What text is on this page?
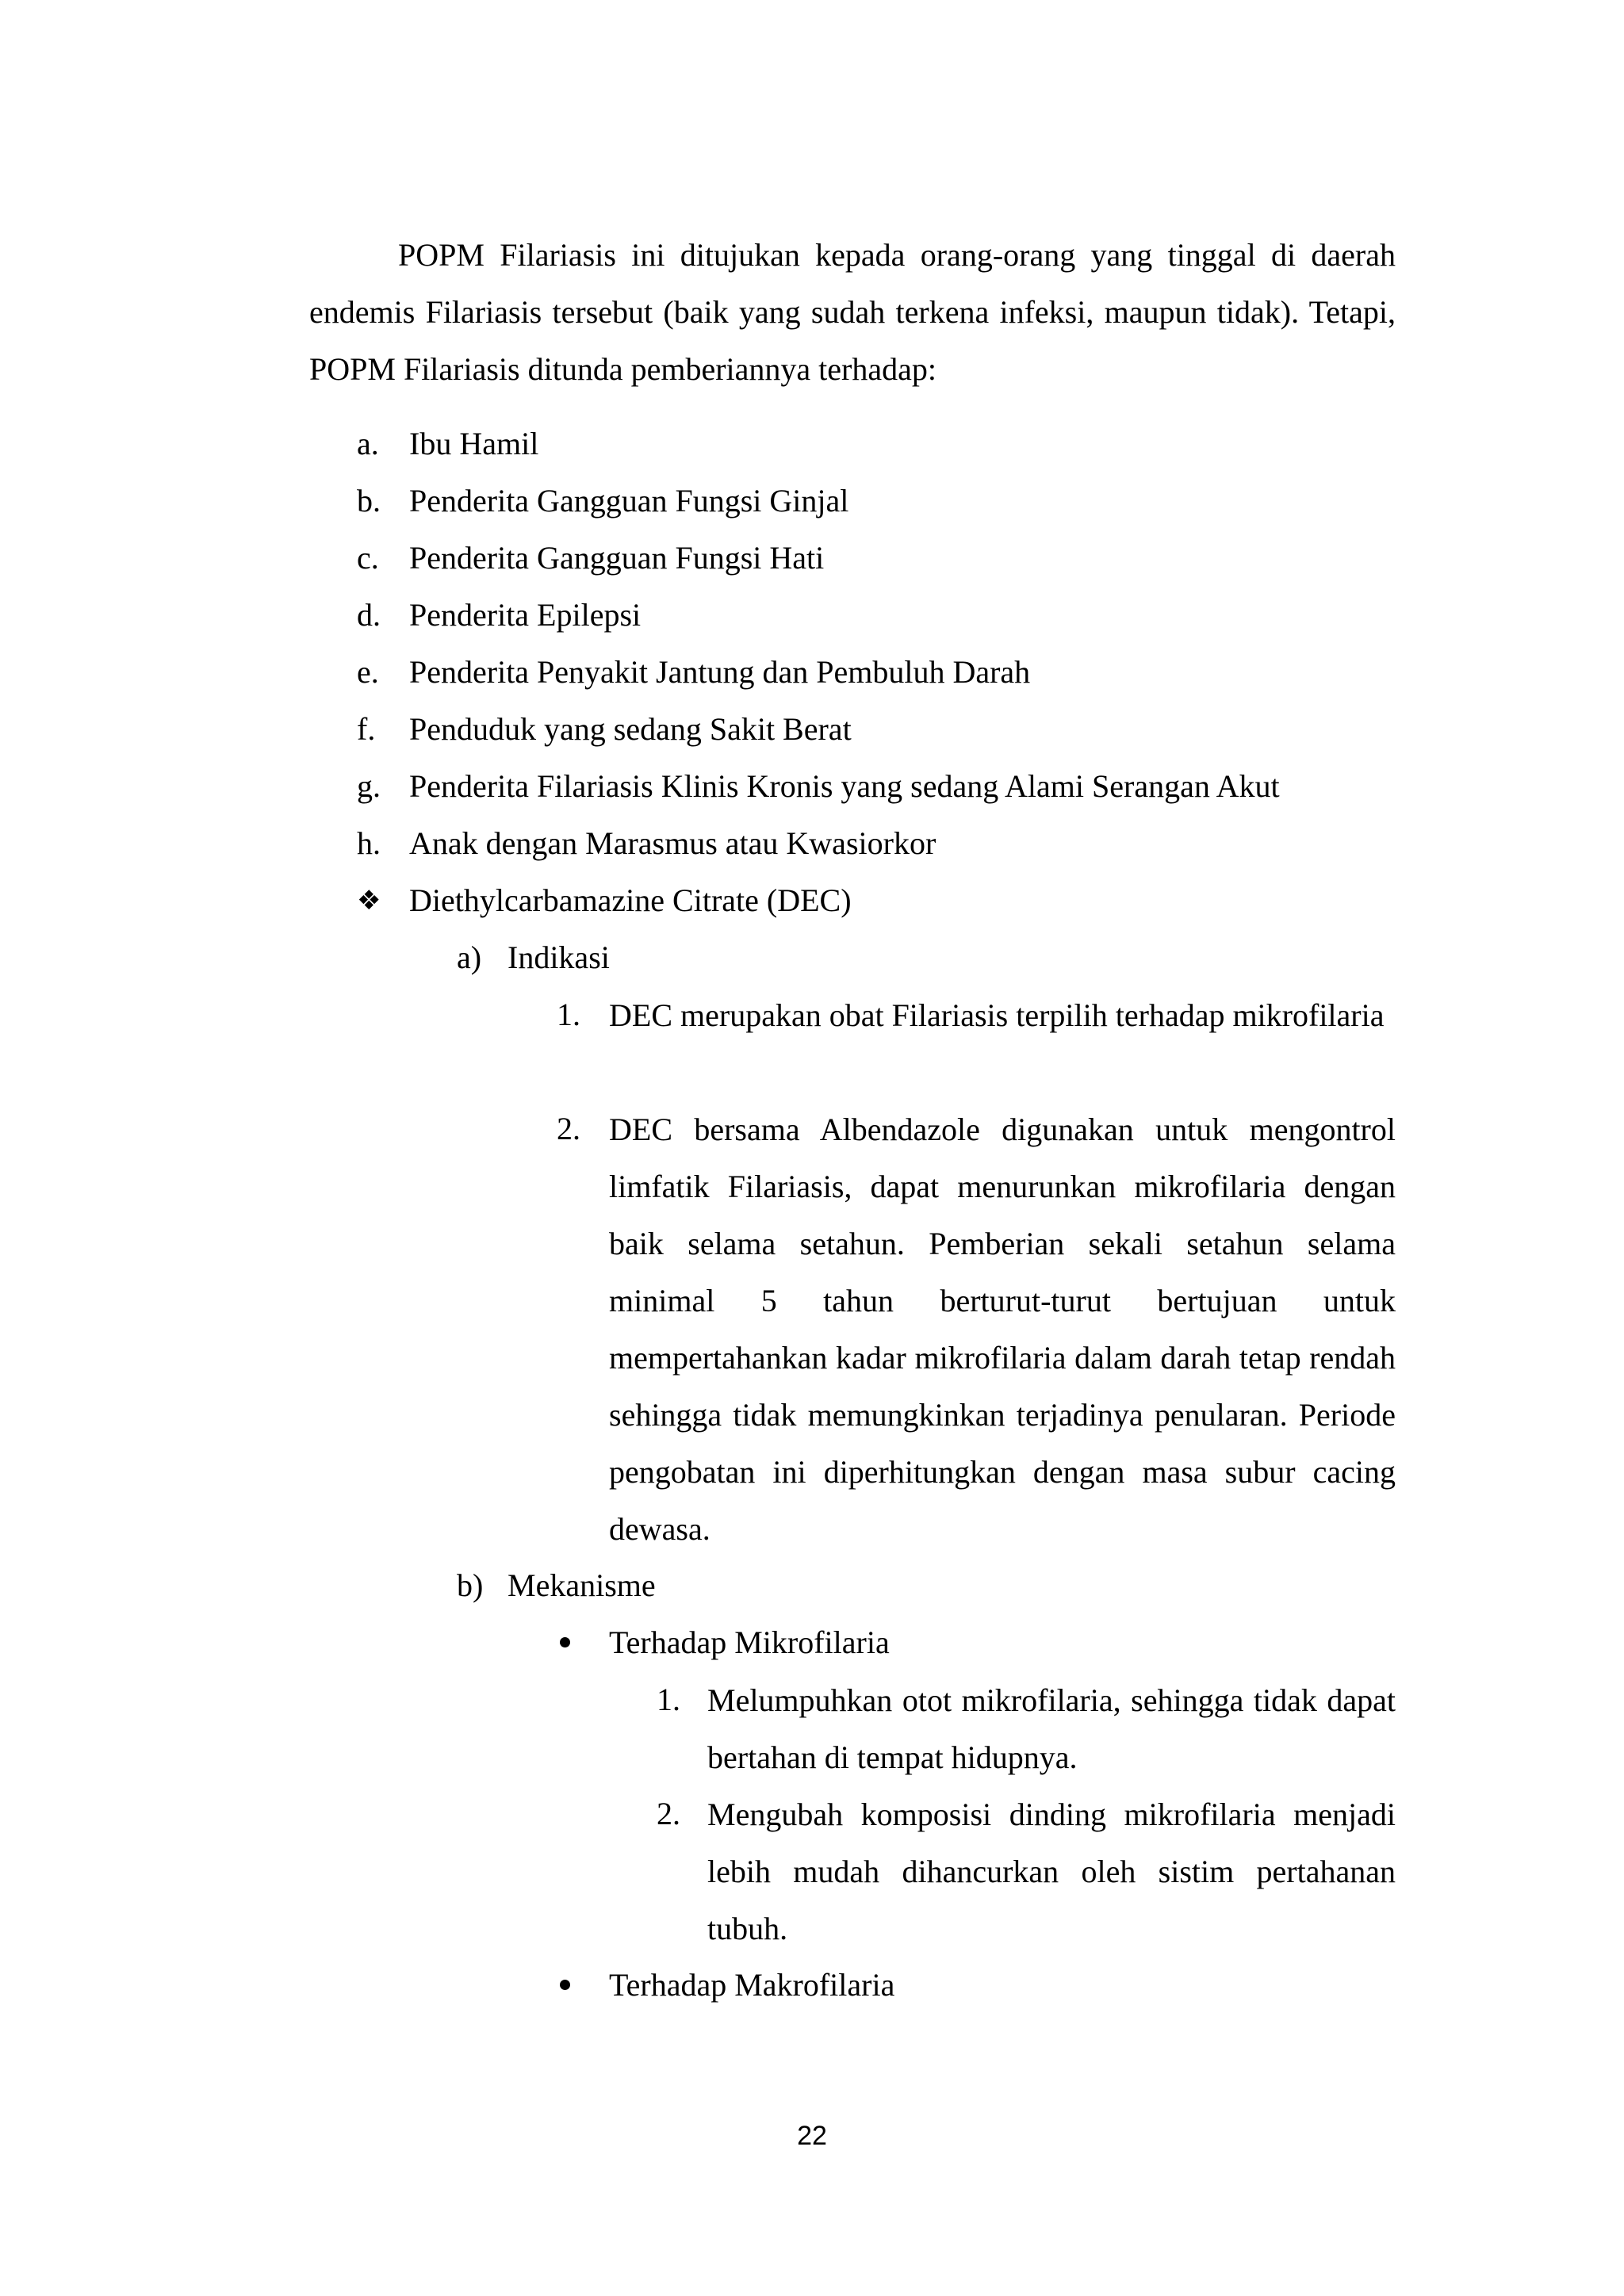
POPM Filariasis ini ditujukan kepada orang-orang yang tinggal di daerah endemis Filariasis tersebut (baik yang sudah terkena infeksi, maupun tidak). Tetapi, POPM Filariasis ditunda pemberiannya terhadap:
a. Ibu Hamil
b. Penderita Gangguan Fungsi Ginjal
c. Penderita Gangguan Fungsi Hati
d. Penderita Epilepsi
e. Penderita Penyakit Jantung dan Pembuluh Darah
f. Penduduk yang sedang Sakit Berat
g. Penderita Filariasis Klinis Kronis yang sedang Alami Serangan Akut
h. Anak dengan Marasmus atau Kwasiorkor
❖ Diethylcarbamazine Citrate (DEC)
a) Indikasi
1. DEC merupakan obat Filariasis terpilih terhadap mikrofilaria
2. DEC bersama Albendazole digunakan untuk mengontrol limfatik Filariasis, dapat menurunkan mikrofilaria dengan baik selama setahun. Pemberian sekali setahun selama minimal 5 tahun berturut-turut bertujuan untuk mempertahankan kadar mikrofilaria dalam darah tetap rendah sehingga tidak memungkinkan terjadinya penularan. Periode pengobatan ini diperhitungkan dengan masa subur cacing dewasa.
b) Mekanisme
Terhadap Mikrofilaria
1. Melumpuhkan otot mikrofilaria, sehingga tidak dapat bertahan di tempat hidupnya.
2. Mengubah komposisi dinding mikrofilaria menjadi lebih mudah dihancurkan oleh sistim pertahanan tubuh.
Terhadap Makrofilaria
22
